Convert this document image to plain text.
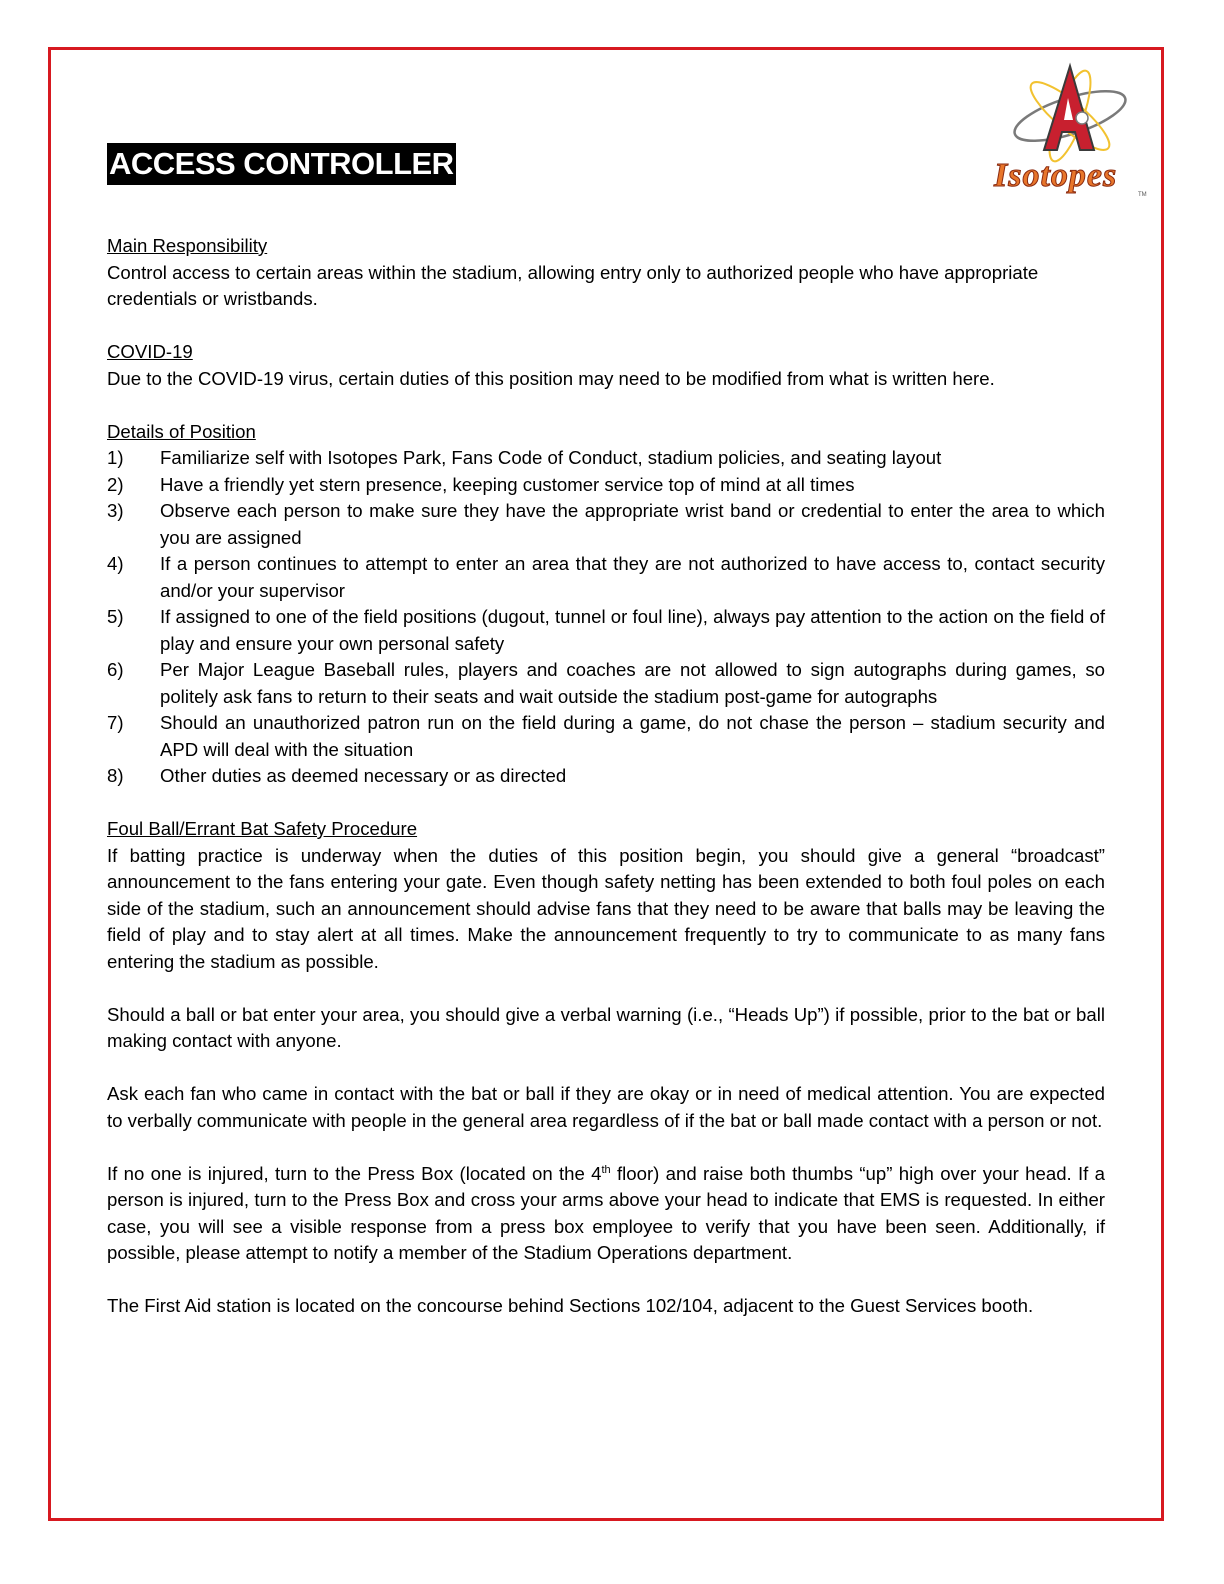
Isotopes
TM
ACCESS CONTROLLER
Main Responsibility

Control access to certain areas within the stadium, allowing entry only to authorized people who have appropriate credentials or wristbands.

COVID-19

Due to the COVID-19 virus, certain duties of this position may need to be modified from what is written here.

Details of Position
1)	Familiarize self with Isotopes Park, Fans Code of Conduct, stadium policies, and seating layout
2)	Have a friendly yet stern presence, keeping customer service top of mind at all times
3)	Observe each person to make sure they have the appropriate wrist band or credential to enter the area to which you are assigned
4)	If a person continues to attempt to enter an area that they are not authorized to have access to, contact security and/or your supervisor
5)	If assigned to one of the field positions (dugout, tunnel or foul line), always pay attention to the action on the field of play and ensure your own personal safety
6)	Per Major League Baseball rules, players and coaches are not allowed to sign autographs during games, so politely ask fans to return to their seats and wait outside the stadium post-game for autographs
7)	Should an unauthorized patron run on the field during a game, do not chase the person – stadium security and APD will deal with the situation
8)	Other duties as deemed necessary or as directed
Foul Ball/Errant Bat Safety Procedure

If batting practice is underway when the duties of this position begin, you should give a general “broadcast” announcement to the fans entering your gate. Even though safety netting has been extended to both foul poles on each side of the stadium, such an announcement should advise fans that they need to be aware that balls may be leaving the field of play and to stay alert at all times. Make the announcement frequently to try to communicate to as many fans entering the stadium as possible.

Should a ball or bat enter your area, you should give a verbal warning (i.e., “Heads Up”) if possible, prior to the bat or ball making contact with anyone.

Ask each fan who came in contact with the bat or ball if they are okay or in need of medical attention. You are expected to verbally communicate with people in the general area regardless of if the bat or ball made contact with a person or not.

If no one is injured, turn to the Press Box (located on the 4th floor) and raise both thumbs “up” high over your head. If a person is injured, turn to the Press Box and cross your arms above your head to indicate that EMS is requested. In either case, you will see a visible response from a press box employee to verify that you have been seen. Additionally, if possible, please attempt to notify a member of the Stadium Operations department.

The First Aid station is located on the concourse behind Sections 102/104, adjacent to the Guest Services booth.
